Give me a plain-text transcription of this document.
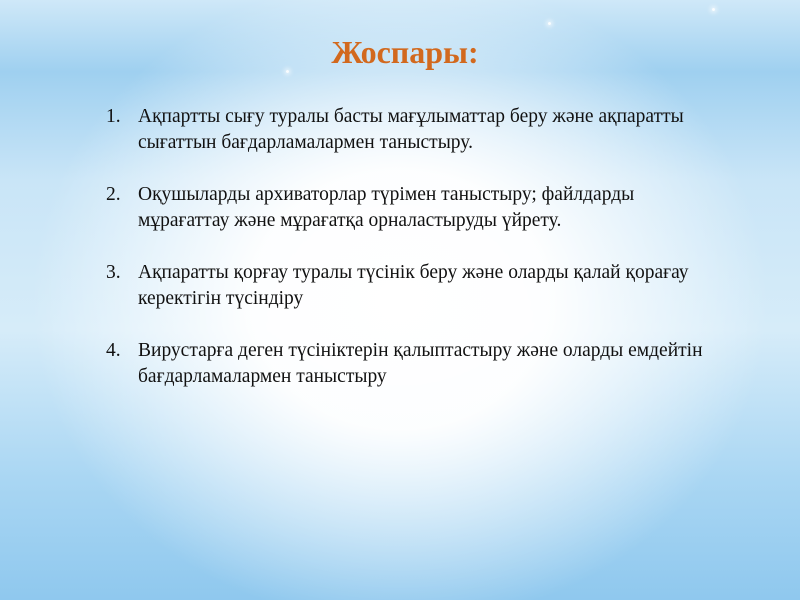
Жоспары:
1. Ақпартты сығу туралы басты мағұлыматтар беру және ақпаратты сығаттын бағдарламалармен таныстыру.
2. Оқушыларды архиваторлар түрімен таныстыру; файлдарды мұрағаттау және мұрағатқа орналастыруды үйрету.
3. Ақпаратты қорғау туралы түсінік беру және оларды қалай қорағау керектігін түсіндіру
4. Вирустарға деген түсініктерін қалыптастыру және оларды емдейтін бағдарламалармен таныстыру
